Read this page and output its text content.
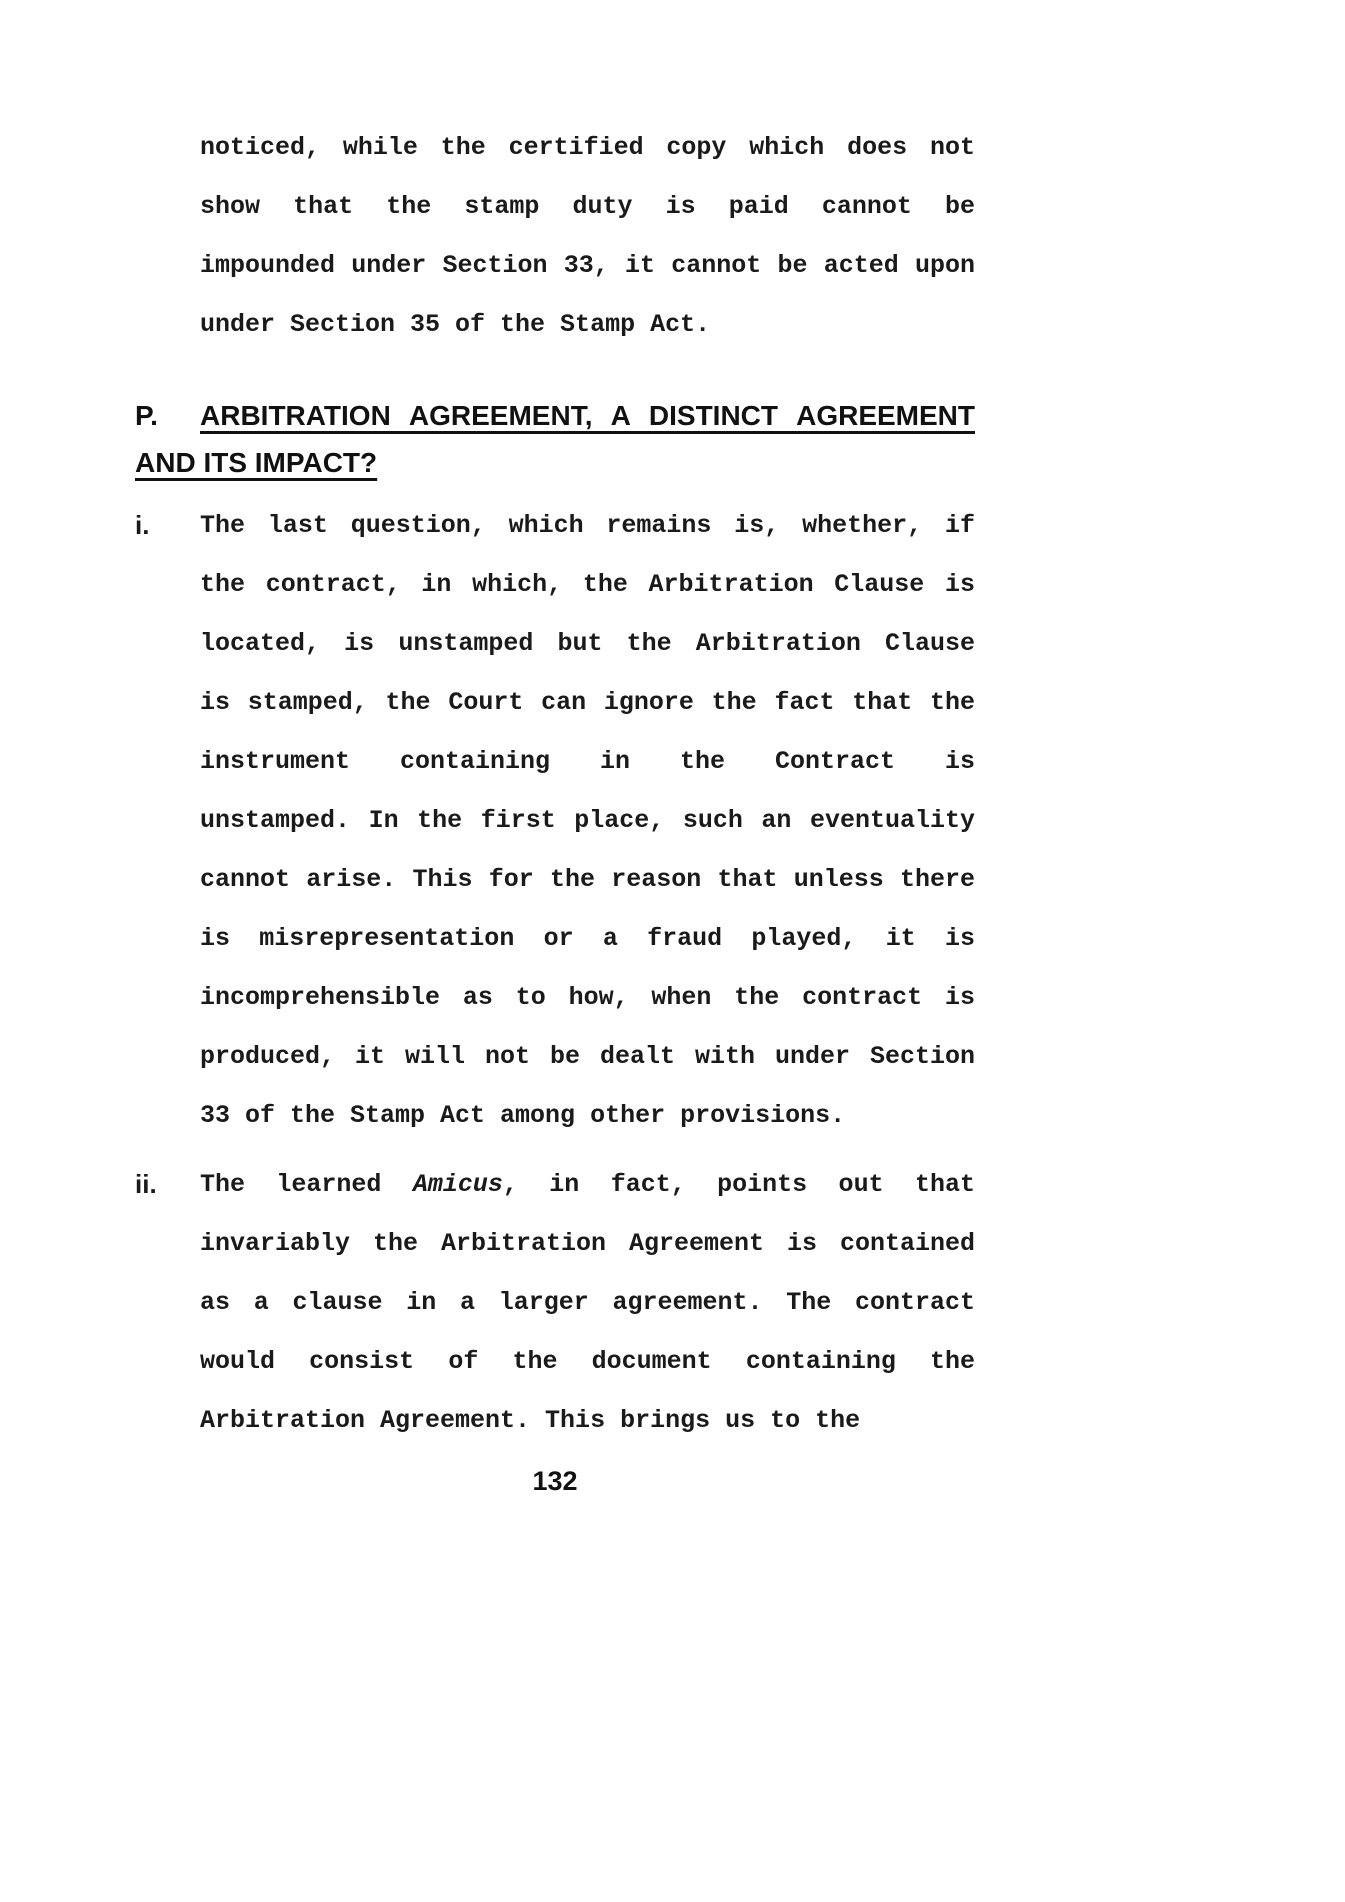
noticed, while the certified copy which does not
show that the stamp duty is paid cannot be
impounded under Section 33, it cannot be acted upon
under Section 35 of the Stamp Act.
P. ARBITRATION AGREEMENT, A DISTINCT AGREEMENT
AND ITS IMPACT?
i.	The last question, which remains is, whether, if
the contract, in which, the Arbitration Clause is
located, is unstamped but the Arbitration Clause
is stamped, the Court can ignore the fact that the
instrument containing in the Contract is
unstamped. In the first place, such an eventuality
cannot arise. This for the reason that unless there
is misrepresentation or a fraud played, it is
incomprehensible as to how, when the contract is
produced, it will not be dealt with under Section
33 of the Stamp Act among other provisions.
ii.	The learned Amicus, in fact, points out that
invariably the Arbitration Agreement is contained
as a clause in a larger agreement. The contract
would consist of the document containing the
Arbitration Agreement. This brings us to the
132
